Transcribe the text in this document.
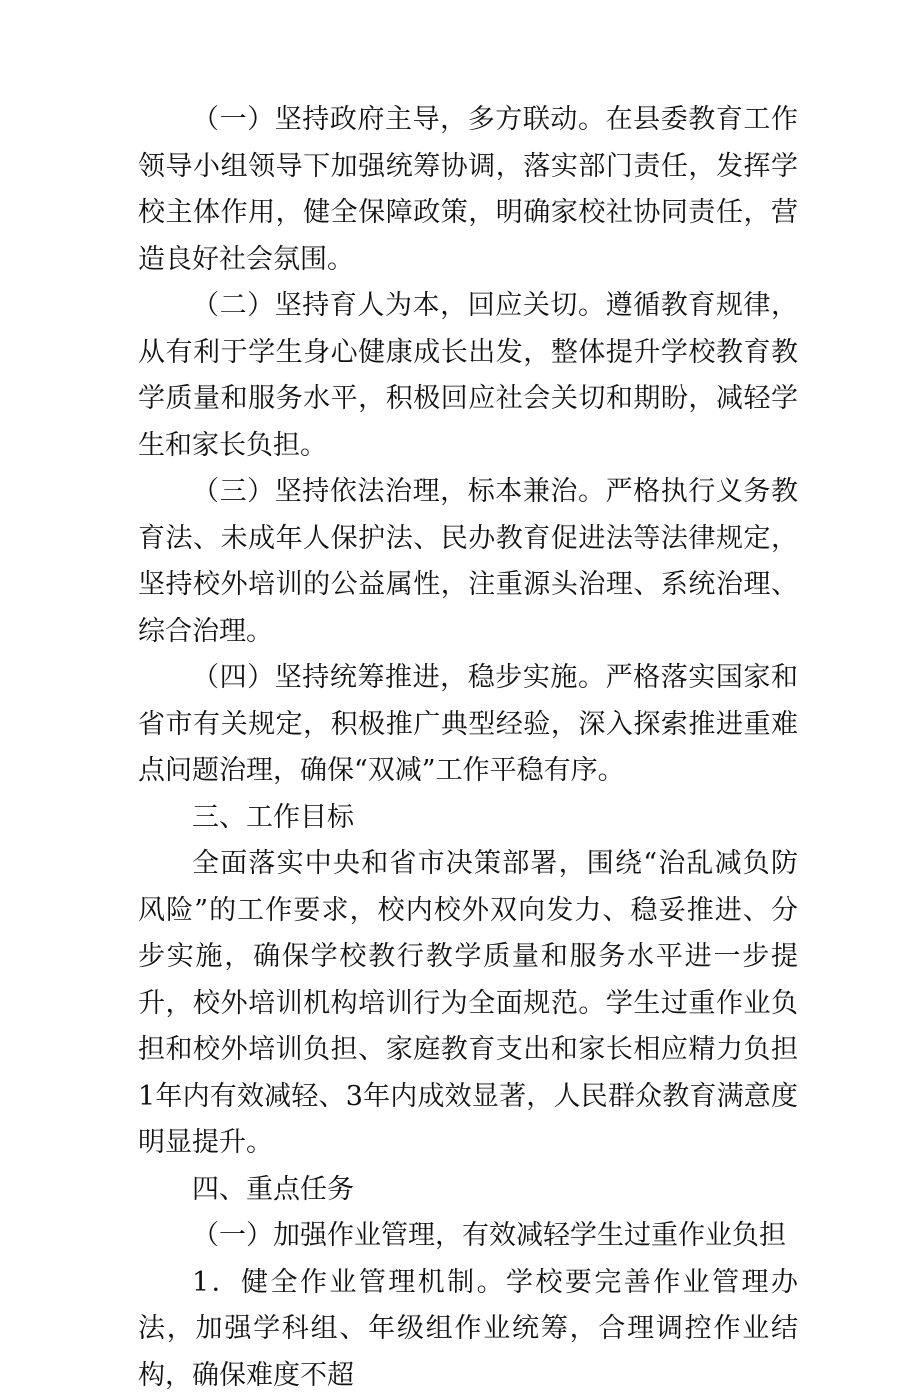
（一）坚持政府主导，多方联动。在县委教育工作领导小组领导下加强统筹协调，落实部门责任，发挥学校主体作用，健全保障政策，明确家校社协同责任，营造良好社会氛围。

（二）坚持育人为本，回应关切。遵循教育规律，从有利于学生身心健康成长出发，整体提升学校教育教学质量和服务水平，积极回应社会关切和期盼，减轻学生和家长负担。

（三）坚持依法治理，标本兼治。严格执行义务教育法、未成年人保护法、民办教育促进法等法律规定，坚持校外培训的公益属性，注重源头治理、系统治理、综合治理。

（四）坚持统筹推进，稳步实施。严格落实国家和省市有关规定，积极推广典型经验，深入探索推进重难点问题治理，确保“双减”工作平稳有序。

三、工作目标

全面落实中央和省市决策部署，围绕“治乱减负防风险”的工作要求，校内校外双向发力、稳妥推进、分步实施，确保学校教行教学质量和服务水平进一步提升，校外培训机构培训行为全面规范。学生过重作业负担和校外培训负担、家庭教育支出和家长相应精力负担1年内有效减轻、3年内成效显著，人民群众教育满意度明显提升。

四、重点任务

（一）加强作业管理，有效减轻学生过重作业负担

1．健全作业管理机制。学校要完善作业管理办法，加强学科组、年级组作业统筹，合理调控作业结构，确保难度不超
